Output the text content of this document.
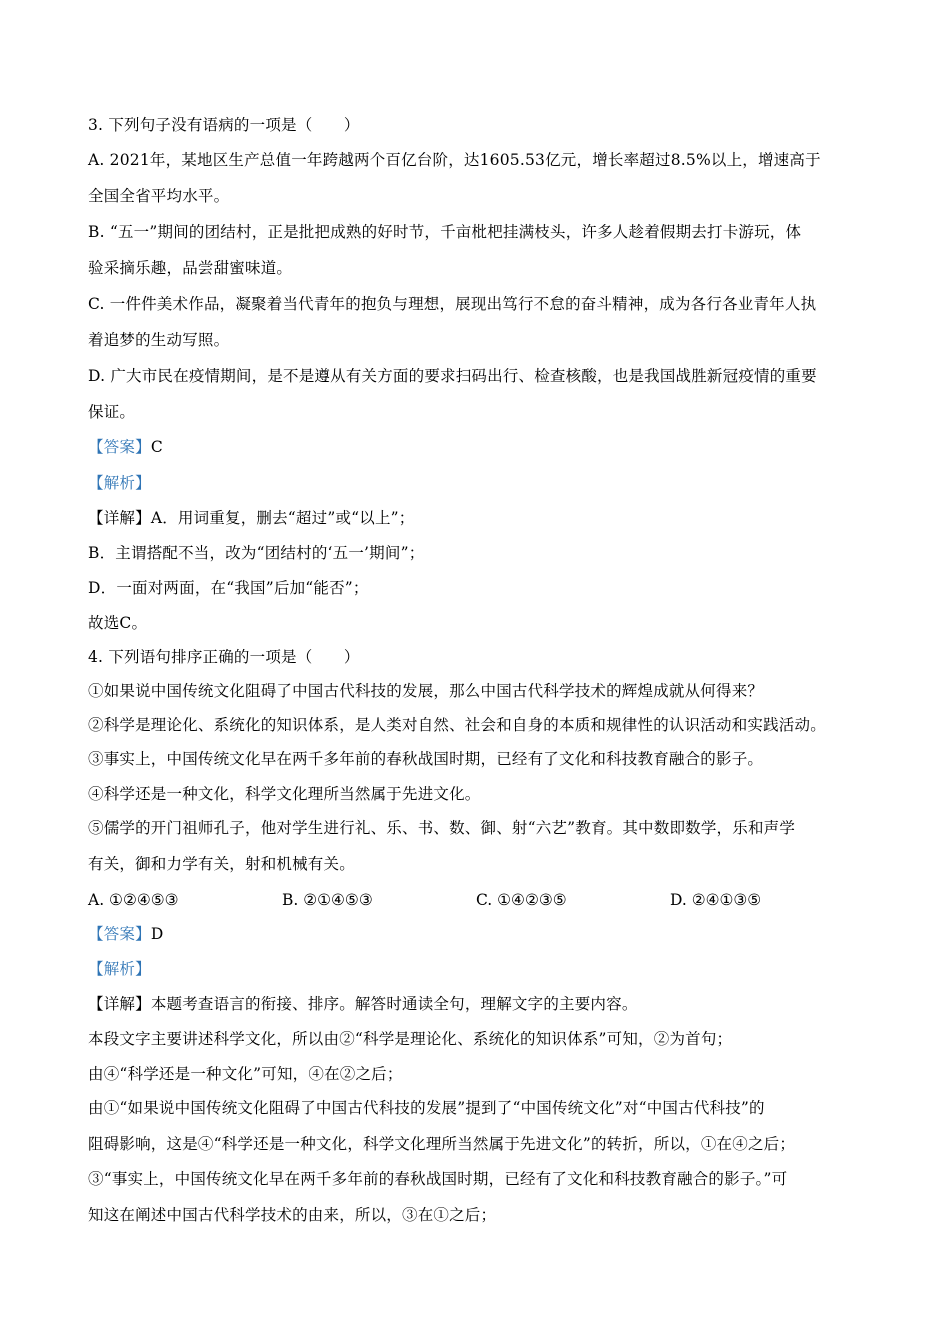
3. 下列句子没有语病的一项是（　　）
A. 2021年，某地区生产总值一年跨越两个百亿台阶，达1605.53亿元，增长率超过8.5%以上，增速高于
全国全省平均水平。
B. “五一”期间的团结村，正是批把成熟的好时节，千亩枇杷挂满枝头，许多人趁着假期去打卡游玩，体
验采摘乐趣，品尝甜蜜味道。
C. 一件件美术作品，凝聚着当代青年的抱负与理想，展现出笃行不怠的奋斗精神，成为各行各业青年人执
着追梦的生动写照。
D. 广大市民在疫情期间，是不是遵从有关方面的要求扫码出行、检查核酸，也是我国战胜新冠疫情的重要
保证。
【答案】C
【解析】
【详解】A．用词重复，删去“超过”或“以上”；
B．主谓搭配不当，改为“团结村的‘五一’期间”；
D．一面对两面，在“我国”后加“能否”；
故选C。
4. 下列语句排序正确的一项是（　　）
①如果说中国传统文化阻碍了中国古代科技的发展，那么中国古代科学技术的辉煌成就从何得来？
②科学是理论化、系统化的知识体系，是人类对自然、社会和自身的本质和规律性的认识活动和实践活动。
③事实上，中国传统文化早在两千多年前的春秋战国时期，已经有了文化和科技教育融合的影子。
④科学还是一种文化，科学文化理所当然属于先进文化。
⑤儒学的开门祖师孔子，他对学生进行礼、乐、书、数、御、射“六艺”教育。其中数即数学，乐和声学
有关，御和力学有关，射和机械有关。
A. ①②④⑤③	B. ②①④⑤③	C. ①④②③⑤	D. ②④①③⑤
【答案】D
【解析】
【详解】本题考查语言的衔接、排序。解答时通读全句，理解文字的主要内容。
本段文字主要讲述科学文化，所以由②“科学是理论化、系统化的知识体系”可知，②为首句；
由④“科学还是一种文化”可知，④在②之后；
由①“如果说中国传统文化阻碍了中国古代科技的发展”提到了“中国传统文化”对“中国古代科技”的
阻碍影响，这是④“科学还是一种文化，科学文化理所当然属于先进文化”的转折，所以，①在④之后；
③“事实上，中国传统文化早在两千多年前的春秋战国时期，已经有了文化和科技教育融合的影子。”可
知这在阐述中国古代科学技术的由来，所以，③在①之后；
